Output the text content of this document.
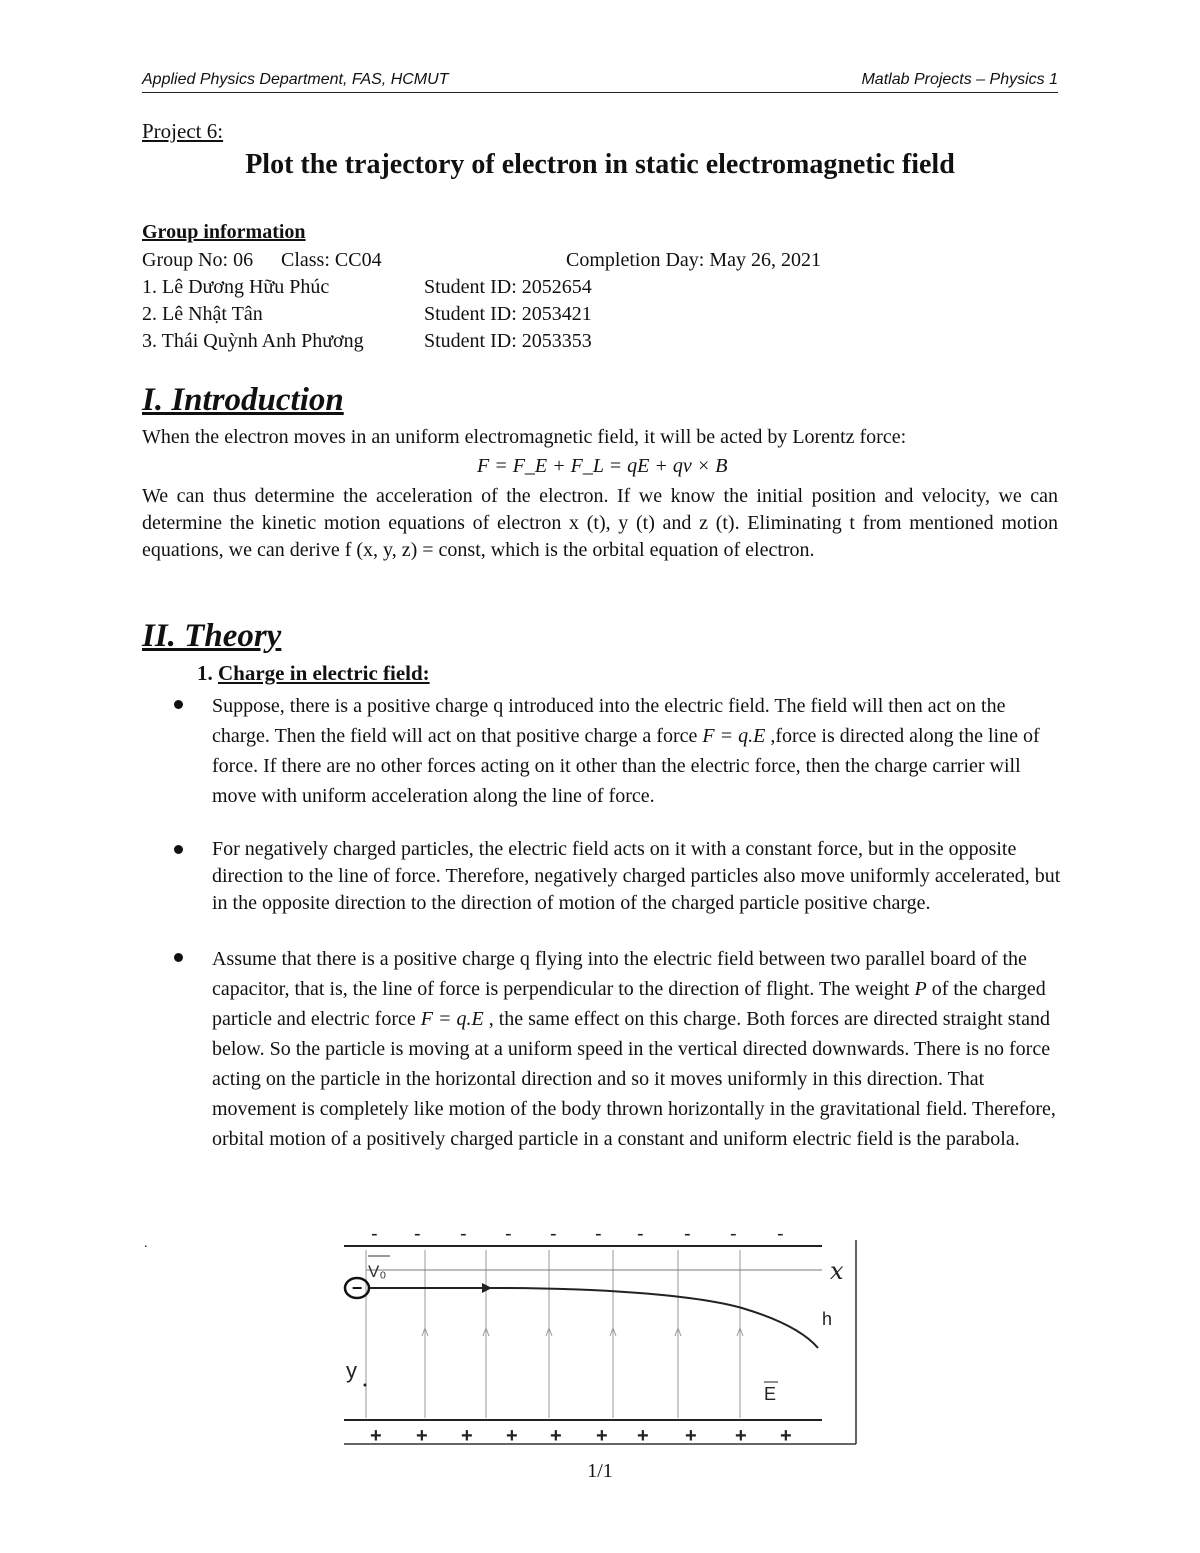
Applied Physics Department, FAS, HCMUT	Matlab Projects – Physics 1
Project 6:
Plot the trajectory of electron in static electromagnetic field
Group information
Group No: 06 Class: CC04	Completion Day: May 26, 2021
1. Lê Dương Hữu Phúc	Student ID: 2052654
2. Lê Nhật Tân	Student ID: 2053421
3. Thái Quỳnh Anh Phương	Student ID: 2053353
I. Introduction
When the electron moves in an uniform electromagnetic field, it will be acted by Lorentz force:
F = F_E + F_L = qE + qv × B
We can thus determine the acceleration of the electron. If we know the initial position and velocity, we can determine the kinetic motion equations of electron x (t), y (t) and z (t). Eliminating t from mentioned motion equations, we can derive f (x, y, z) = const, which is the orbital equation of electron.
II. Theory
1. Charge in electric field:
Suppose, there is a positive charge q introduced into the electric field. The field will then act on the charge. Then the field will act on that positive charge a force F = q.E ,force is directed along the line of force. If there are no other forces acting on it other than the electric force, then the charge carrier will move with uniform acceleration along the line of force.
For negatively charged particles, the electric field acts on it with a constant force, but in the opposite direction to the line of force. Therefore, negatively charged particles also move uniformly accelerated, but in the opposite direction to the direction of motion of the charged particle positive charge.
Assume that there is a positive charge q flying into the electric field between two parallel board of the capacitor, that is, the line of force is perpendicular to the direction of flight. The weight P of the charged particle and electric force F = q.E , the same effect on this charge. Both forces are directed straight stand below. So the particle is moving at a uniform speed in the vertical directed downwards. There is no force acting on the particle in the horizontal direction and so it moves uniformly in this direction. That movement is completely like motion of the body thrown horizontally in the gravitational field. Therefore, orbital motion of a positively charged particle in a constant and uniform electric field is the parabola.
.	- - - - - - - - - -
+ + + + + + + + + +
x
−
V₀
h
y
E
1/1
